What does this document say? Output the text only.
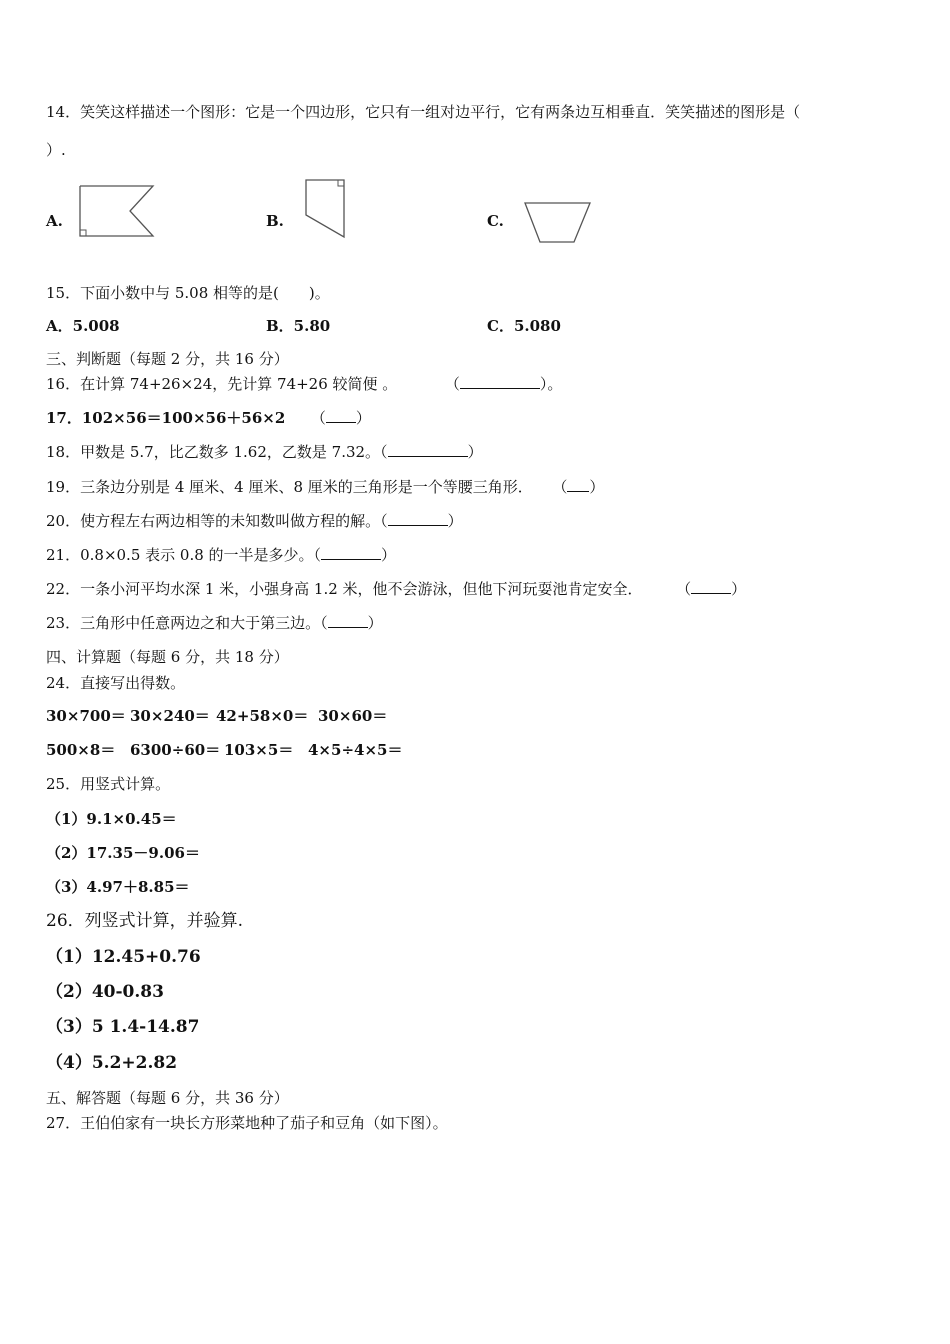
14．笑笑这样描述一个图形：它是一个四边形，它只有一组对边平行，它有两条边互相垂直．笑笑描述的图形是（
）.
A.	B.	C.
15．下面小数中与 5.08 相等的是(　　)。
A．5.008	B．5.80	C．5.080
三、判断题（每题 2 分，共 16 分）
16．在计算 74+26×24，先计算 74+26 较简便 。	（	）。
17．102×56＝100×56＋56×2 （ ）
18．甲数是 5.7，比乙数多 1.62，乙数是 7.32。（	）
19．三条边分别是 4 厘米、4 厘米、8 厘米的三角形是一个等腰三角形． （ ）
20．使方程左右两边相等的未知数叫做方程的解。（	）
21．0.8×0.5 表示 0.8 的一半是多少。（	）
22．一条小河平均水深 1 米，小强身高 1.2 米，他不会游泳，但他下河玩耍池肯定安全． （	）
23．三角形中任意两边之和大于第三边。（	）
四、计算题（每题 6 分，共 18 分）
24．直接写出得数。
30×700＝ 30×240＝ 42+58×0＝ 30×60＝
500×8＝ 6300÷60＝ 103×5＝ 4×5÷4×5＝
25．用竖式计算。
（1）9.1×0.45＝
（2）17.35－9.06＝
（3）4.97＋8.85＝
26．列竖式计算，并验算.
（1）12.45+0.76
（2）40-0.83
（3）5 1.4-14.87
（4）5.2+2.82
五、解答题（每题 6 分，共 36 分）
27．王伯伯家有一块长方形菜地种了茄子和豆角（如下图）。
